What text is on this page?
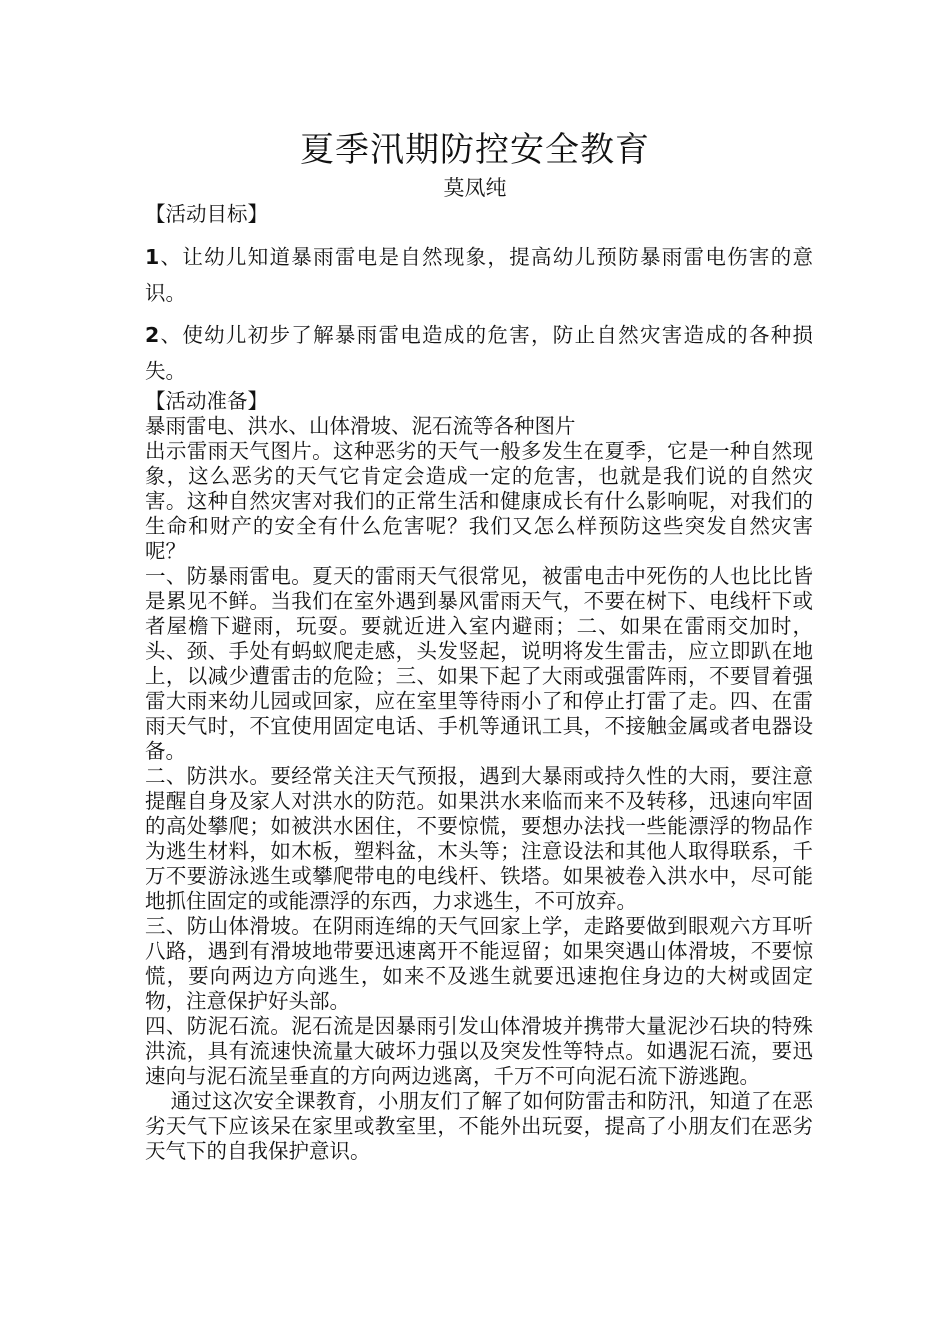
夏季汛期防控安全教育

莫凤纯

【活动目标】

1、让幼儿知道暴雨雷电是自然现象，提高幼儿预防暴雨雷电伤害的意识。

2、使幼儿初步了解暴雨雷电造成的危害，防止自然灾害造成的各种损失。

【活动准备】

暴雨雷电、洪水、山体滑坡、泥石流等各种图片

出示雷雨天气图片。这种恶劣的天气一般多发生在夏季，它是一种自然现象，这么恶劣的天气它肯定会造成一定的危害，也就是我们说的自然灾害。这种自然灾害对我们的正常生活和健康成长有什么影响呢，对我们的生命和财产的安全有什么危害呢？我们又怎么样预防这些突发自然灾害呢？

一、防暴雨雷电。夏天的雷雨天气很常见，被雷电击中死伤的人也比比皆是累见不鲜。当我们在室外遇到暴风雷雨天气，不要在树下、电线杆下或者屋檐下避雨，玩耍。要就近进入室内避雨；二、如果在雷雨交加时，头、颈、手处有蚂蚁爬走感，头发竖起，说明将发生雷击，应立即趴在地上，以减少遭雷击的危险；三、如果下起了大雨或强雷阵雨，不要冒着强雷大雨来幼儿园或回家，应在室里等待雨小了和停止打雷了走。四、在雷雨天气时，不宜使用固定电话、手机等通讯工具，不接触金属或者电器设备。

二、防洪水。要经常关注天气预报，遇到大暴雨或持久性的大雨，要注意提醒自身及家人对洪水的防范。如果洪水来临而来不及转移，迅速向牢固的高处攀爬；如被洪水困住，不要惊慌，要想办法找一些能漂浮的物品作为逃生材料，如木板，塑料盆，木头等；注意设法和其他人取得联系，千万不要游泳逃生或攀爬带电的电线杆、铁塔。如果被卷入洪水中，尽可能地抓住固定的或能漂浮的东西，力求逃生，不可放弃。

三、防山体滑坡。在阴雨连绵的天气回家上学，走路要做到眼观六方耳听八路，遇到有滑坡地带要迅速离开不能逗留；如果突遇山体滑坡，不要惊慌，要向两边方向逃生，如来不及逃生就要迅速抱住身边的大树或固定物，注意保护好头部。

四、防泥石流。泥石流是因暴雨引发山体滑坡并携带大量泥沙石块的特殊洪流，具有流速快流量大破坏力强以及突发性等特点。如遇泥石流，要迅速向与泥石流呈垂直的方向两边逃离，千万不可向泥石流下游逃跑。

通过这次安全课教育，小朋友们了解了如何防雷击和防汛，知道了在恶劣天气下应该呆在家里或教室里，不能外出玩耍，提高了小朋友们在恶劣天气下的自我保护意识。
